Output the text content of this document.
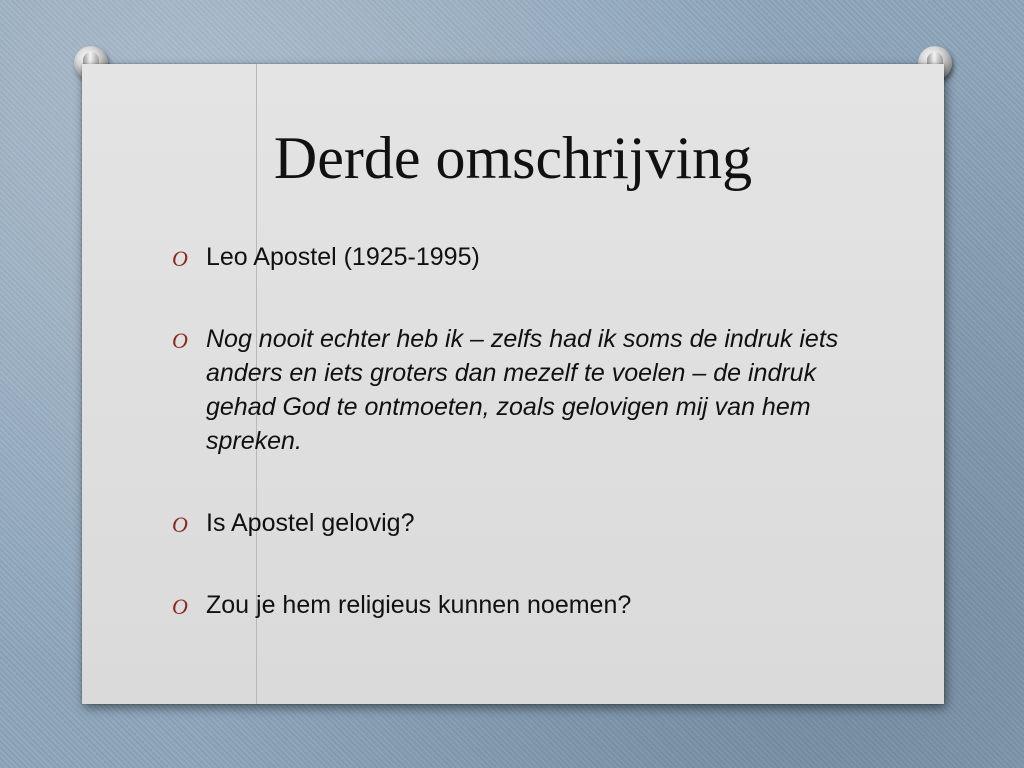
Derde omschrijving
O Leo Apostel (1925-1995)
O Nog nooit echter heb ik – zelfs had ik soms de indruk iets anders en iets groters dan mezelf te voelen – de indruk gehad God te ontmoeten, zoals gelovigen mij van hem spreken.
O Is Apostel gelovig?
O Zou je hem religieus kunnen noemen?
